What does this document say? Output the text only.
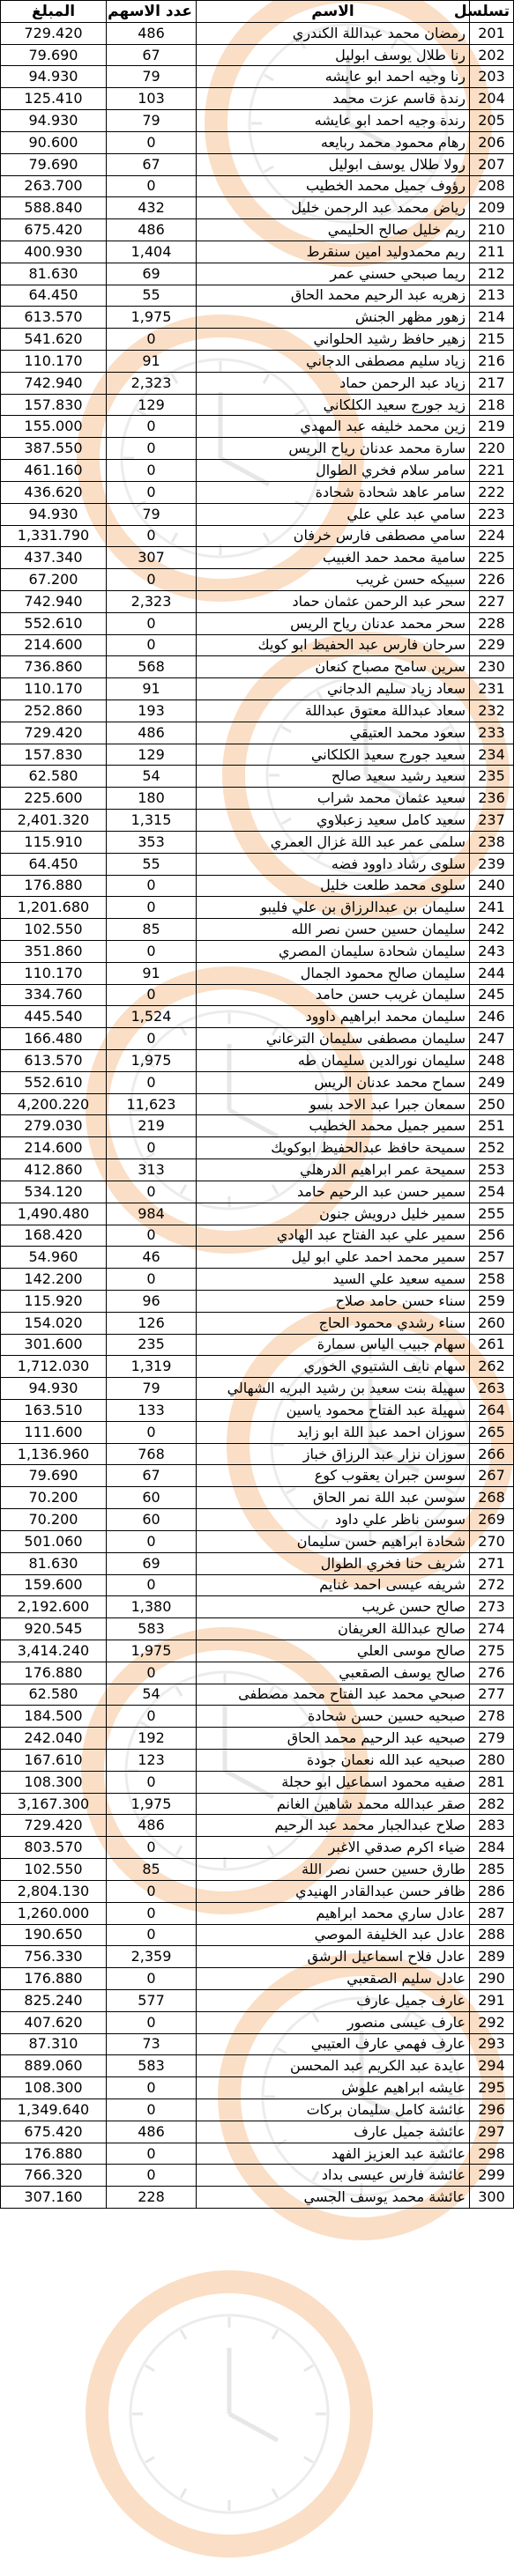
تسلسل	الاسم	عدد الاسهم	المبلغ
201	رمضان محمد عبداللة الكندري	486	729.420
202	رنا طلال يوسف ابوليل	67	79.690
203	رنا وجيه احمد ابو عايشه	79	94.930
204	رندة قاسم عزت محمد	103	125.410
205	رندة وجيه احمد ابو عايشه	79	94.930
206	رهام محمود محمد ربايعه	0	90.600
207	رولا طلال يوسف ابوليل	67	79.690
208	رؤوف جميل محمد الخطيب	0	263.700
209	رياض محمد عبد الرحمن خليل	432	588.840
210	ريم خليل صالح الحليمي	486	675.420
211	ريم محمدوليد امين سنقرط	1,404	400.930
212	ريما صبحي حسني عمر	69	81.630
213	زهريه عبد الرحيم محمد الحاق	55	64.450
214	زهور مظهر الجنش	1,975	613.570
215	زهير حافظ رشيد الحلواني	0	541.620
216	زياد سليم مصطفى الدجاني	91	110.170
217	زياد عبد الرحمن حماد	2,323	742.940
218	زيد جورج سعيد الكلكاني	129	157.830
219	زين محمد خليفه عبد المهدي	0	155.000
220	سارة محمد عدنان رياح الريس	0	387.550
221	سامر سلام فخري الطوال	0	461.160
222	سامر عاهد شحادة شحادة	0	436.620
223	سامي عبد علي علي	79	94.930
224	سامي مصطفى فارس خرفان	0	1,331.790
225	سامية محمد حمد الغبيب	307	437.340
226	سبيكه حسن غريب	0	67.200
227	سحر عبد الرحمن عثمان حماد	2,323	742.940
228	سحر محمد عدنان رياح الريس	0	552.610
229	سرحان فارس عبد الحفيظ ابو كويك	0	214.600
230	سرين سامح مصباح كنعان	568	736.860
231	سعاد زياد سليم الدجاني	91	110.170
232	سعاد عبداللة معتوق عبداللة	193	252.860
233	سعود محمد العتيقي	486	729.420
234	سعيد جورج سعيد الكلكاني	129	157.830
235	سعيد رشيد سعيد صالح	54	62.580
236	سعيد عثمان محمد شراب	180	225.600
237	سعيد كامل سعيد زعبلاوي	1,315	2,401.320
238	سلمى عمر عبد اللة غزال العمري	353	115.910
239	سلوى رشاد داوود فضه	55	64.450
240	سلوى محمد طلعت خليل	0	176.880
241	سليمان بن عبدالرزاق بن علي فليبو	0	1,201.680
242	سليمان حسين حسن نصر الله	85	102.550
243	سليمان شحادة سليمان المصري	0	351.860
244	سليمان صالح محمود الجمال	91	110.170
245	سليمان غريب حسن حامد	0	334.760
246	سليمان محمد ابراهيم داوود	1,524	445.540
247	سليمان مصطفى سليمان الترعاني	0	166.480
248	سليمان نورالدين سليمان طه	1,975	613.570
249	سماح محمد عدنان الريس	0	552.610
250	سمعان جبرا عبد الاحد بسو	11,623	4,200.220
251	سمير جميل محمد الخطيب	219	279.030
252	سميحة حافظ عبدالحفيظ ابوكويك	0	214.600
253	سميحة عمر ابراهيم الدرهلي	313	412.860
254	سمير حسن عبد الرحيم حامد	0	534.120
255	سمير خليل درويش جنون	984	1,490.480
256	سمير علي عبد الفتاح عبد الهادي	0	168.420
257	سمير محمد احمد علي ابو ليل	46	54.960
258	سميه سعيد علي السيد	0	142.200
259	سناء حسن حامد صلاح	96	115.920
260	سناء رشدي محمود الحاج	126	154.020
261	سهام جبيب الياس سمارة	235	301.600
262	سهام نايف الشتيوي الخوري	1,319	1,712.030
263	سهيلة بنت سعيد بن رشيد البريه الشهالي	79	94.930
264	سهيلة عبد الفتاح محمود ياسين	133	163.510
265	سوزان احمد عبد اللة ابو زايد	0	111.600
266	سوزان نزار عبد الرزاق خباز	768	1,136.960
267	سوسن جبران يعقوب كوع	67	79.690
268	سوسن عبد اللة نمر الحاق	60	70.200
269	سوسن ناظر علي داود	60	70.200
270	شحادة ابراهيم حسن سليمان	0	501.060
271	شريف حنا فخري الطوال	69	81.630
272	شريفه عيسى احمد غنايم	0	159.600
273	صالح حسن غريب	1,380	2,192.600
274	صالح عبداللة العريفان	583	920.545
275	صالح موسى العلي	1,975	3,414.240
276	صالح يوسف الصقعبي	0	176.880
277	صبحي محمد عبد الفتاح محمد مصطفى	54	62.580
278	صبحيه حسين حسن شحادة	0	184.500
279	صبحيه عبد الرحيم محمد الحاق	192	242.040
280	صبحيه عبد الله نعمان جودة	123	167.610
281	صفيه محمود اسماعيل ابو حجلة	0	108.300
282	صقر عبدالله محمد شاهين الغانم	1,975	3,167.300
283	صلاح عبدالجبار محمد عبد الرحيم	486	729.420
284	ضياء اكرم صدقي الاغبر	0	803.570
285	طارق حسين حسن نصر اللة	85	102.550
286	ظافر حسن عبدالقادر الهنيدي	0	2,804.130
287	عادل ساري محمد ابراهيم	0	1,260.000
288	عادل عبد الخليفة الموصي	0	190.650
289	عادل فلاح اسماعيل الرشق	2,359	756.330
290	عادل سليم الصقعبي	0	176.880
291	عارف جميل عارف	577	825.240
292	عارف عيسى منصور	0	407.620
293	عارف فهمي عارف العتيبي	73	87.310
294	عايدة عبد الكريم عبد المحسن	583	889.060
295	عايشه ابراهيم علوش	0	108.300
296	عائشة كامل سليمان بركات	0	1,349.640
297	عائشة جميل عارف	486	675.420
298	عائشة عبد العزيز الفهد	0	176.880
299	عائشة فارس عيسى بداد	0	766.320
300	عائشة محمد يوسف الجسي	228	307.160
